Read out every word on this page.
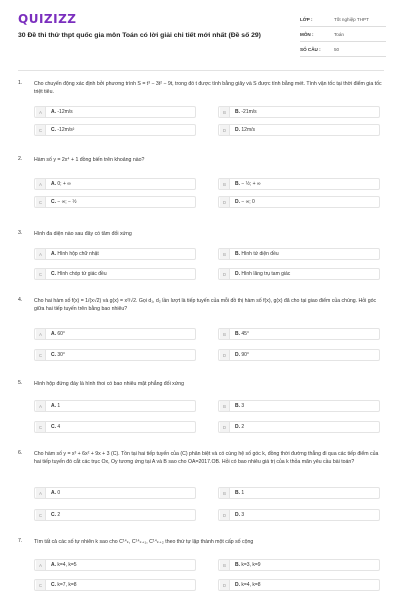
QUIZIZZ
30 Đề thi thử thpt quốc gia môn Toán có lời giải chi tiết mới nhất (Đề số 29)
LỚP :	Tốt nghiệp THPT
MÔN :	Toán
SỐ CÂU :	50
1. Cho chuyển động xác định bởi phương trình S = t³ − 3t² − 9t, trong đó t được tính bằng giây và S được tính bằng mét. Tính vận tốc tại thời điểm gia tốc triệt tiêu.
A	A. -12m/s	B	B. -21m/s
C	C. -12m/s²	D	D. 12m/s
2. Hàm số y = 2x⁴ + 1 đồng biến trên khoảng nào?
A	A. 0; + ∞	B	B. − ½; + ∞
C	C. − ∞; − ½	D	D. − ∞; 0
3. Hình đa diện nào sau đây có tâm đối xứng
A	A. Hình hộp chữ nhật	B	B. Hình tứ diện đều
C	C. Hình chóp tứ giác đều	D	D. Hình lăng trụ tam giác
4. Cho hai hàm số f(x) = 1/(x√2) và g(x) = x²/√2. Gọi d₁, d₂ lần lượt là tiếp tuyến của mỗi đồ thị hàm số f(x), g(x) đã cho tại giao điểm của chúng. Hỏi góc giữa hai tiếp tuyến trên bằng bao nhiêu?
A	A. 60°	B	B. 45°
C	C. 30°	D	D. 90°
5. Hình hộp đứng đáy là hình thoi có bao nhiêu mặt phẳng đối xứng
A	A. 1	B	B. 3
C	C. 4	D	D. 2
6. Cho hàm số y = x³ + 6x² + 9x + 3 (C). Tồn tại hai tiếp tuyến của (C) phân biệt và có cùng hệ số góc k, đồng thời đường thẳng đi qua các tiếp điểm của hai tiếp tuyến đó cắt các trục Ox, Oy tương ứng tại A và B sao cho OA=2017.OB. Hỏi có bao nhiêu giá trị của k thỏa mãn yêu cầu bài toán?
A	A. 0	B	B. 1
C	C. 2	D	D. 3
7. Tìm tất cả các số tự nhiên k sao cho C¹⁴ₖ, C¹⁴ₖ₊₁, C¹⁴ₖ₊₂ theo thứ tự lập thành một cấp số cộng
A	A. k=4, k=5	B	B. k=3, k=9
C	C. k=7, k=8	D	D. k=4, k=8
